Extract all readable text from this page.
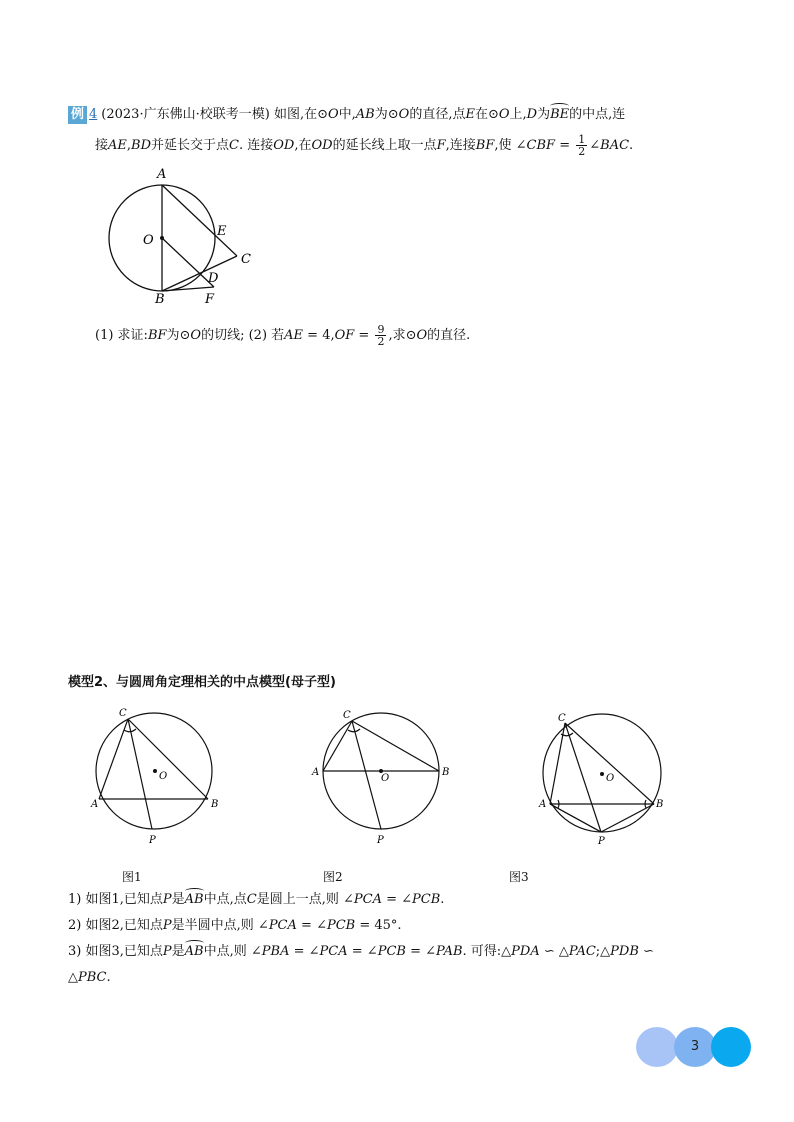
例 4 (2023·广东佛山·校联考一模) 如图,在⊙O中,AB为⊙O的直径,点E在⊙O上,D为BE的中点,连
接AE,BD并延长交于点C. 连接OD,在OD的延长线上取一点F,连接BF,使 ∠CBF = $\frac{1}{2}$ ∠BAC.
A
O
E
C
D
B	F
(1) 求证:BF为⊙O的切线; (2) 若AE = $4,OF = \frac{9}{2}$ ,求⊙O的直径.
模型2、与圆周角定理相关的中点模型(母子型)
C
O
A	B
P
C
O
A	B
P
C
O
A	B
P
图1	图2	图3
1) 如图1,已知点P是AB中点,点C是圆上一点,则 ∠PCA = ∠PCB.
2) 如图2,已知点P是半圆中点,则 ∠PCA = ∠PCB = 45°.
3) 如图3,已知点P是AB中点,则 ∠PBA = ∠PCA = ∠PCB = ∠PAB. 可得:△PDA ∽ △PAC;△PDB ∽
△PBC.
3
